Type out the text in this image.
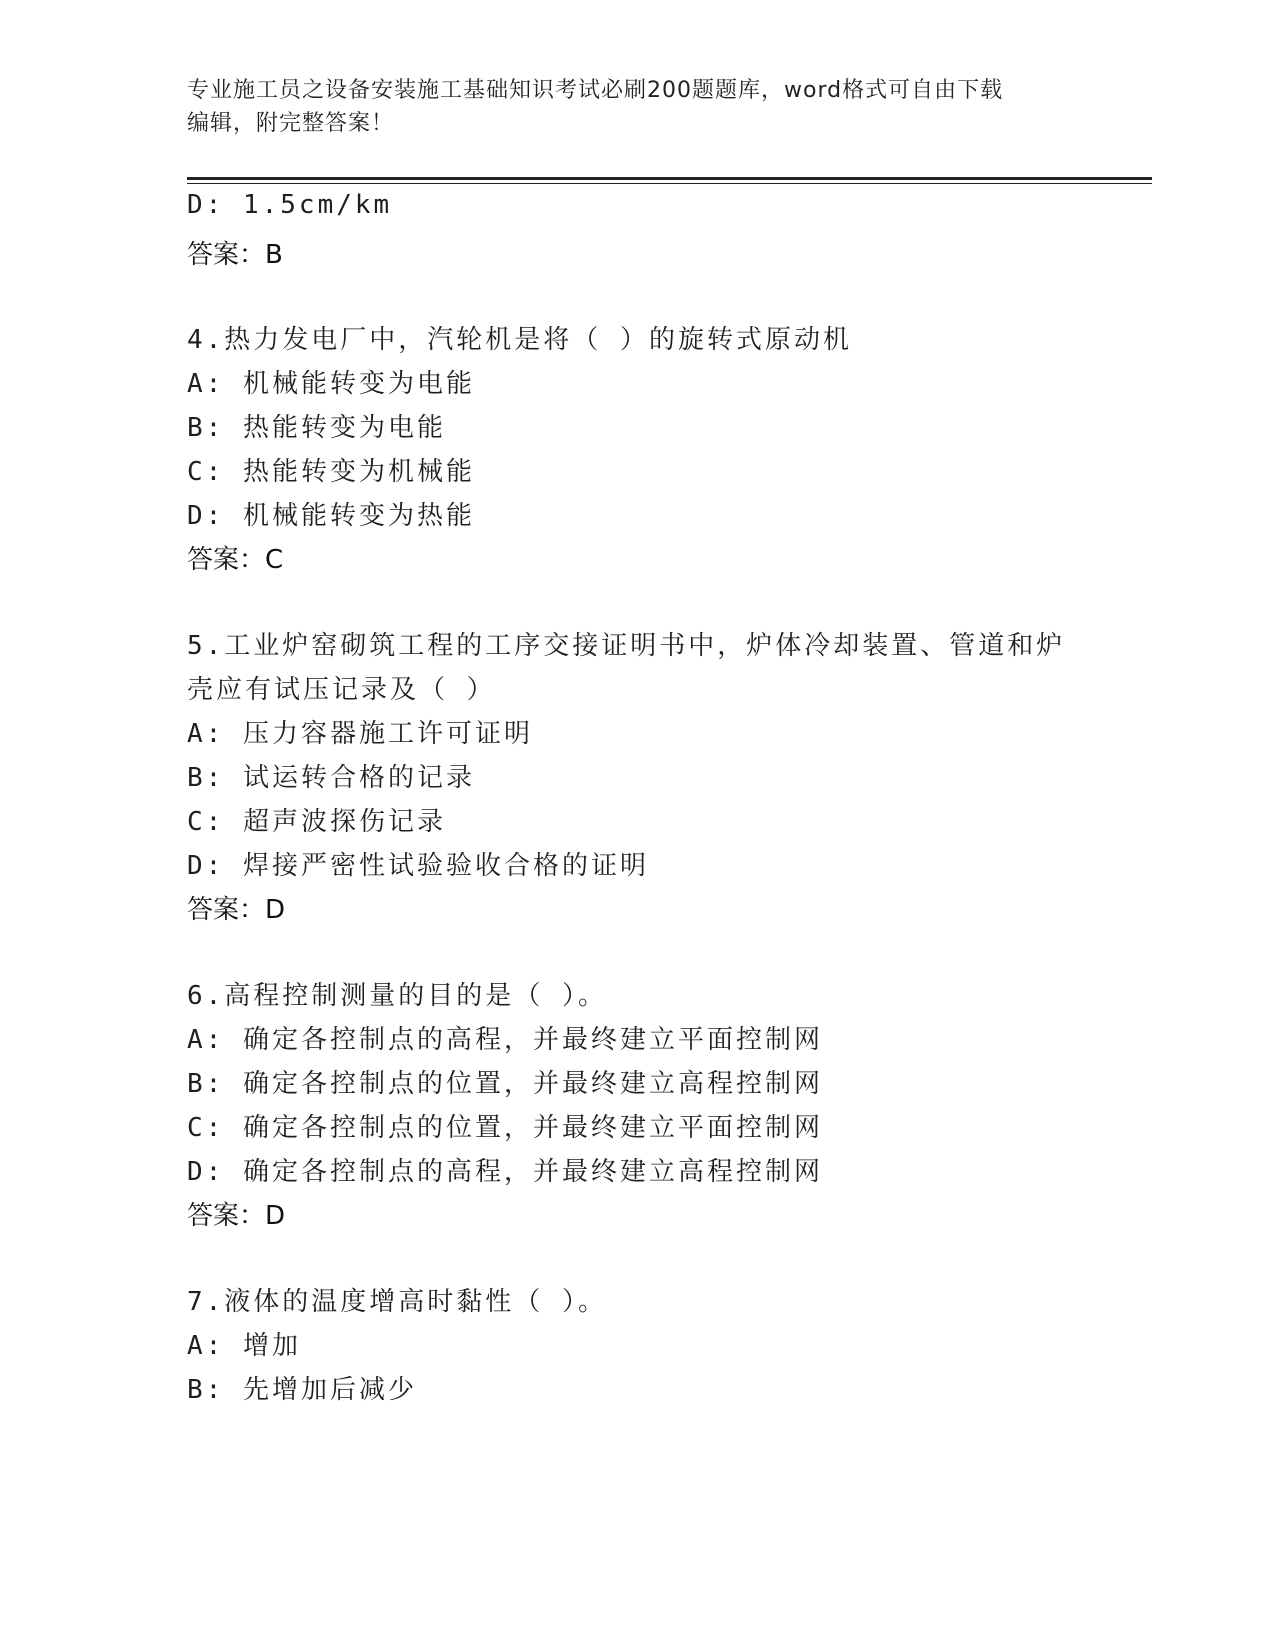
专业施工员之设备安装施工基础知识考试必刷200题题库，word格式可自由下载
编辑，附完整答案！
D: 1.5cm/km
答案：B
4.热力发电厂中，汽轮机是将（ ）的旋转式原动机
A: 机械能转变为电能
B: 热能转变为电能
C: 热能转变为机械能
D: 机械能转变为热能
答案：C
5.工业炉窑砌筑工程的工序交接证明书中，炉体冷却装置、管道和炉
壳应有试压记录及（ ）
A: 压力容器施工许可证明
B: 试运转合格的记录
C: 超声波探伤记录
D: 焊接严密性试验验收合格的证明
答案：D
6.高程控制测量的目的是（ ）。
A: 确定各控制点的高程，并最终建立平面控制网
B: 确定各控制点的位置，并最终建立高程控制网
C: 确定各控制点的位置，并最终建立平面控制网
D: 确定各控制点的高程，并最终建立高程控制网
答案：D
7.液体的温度增高时黏性（ ）。
A: 增加
B: 先增加后减少
